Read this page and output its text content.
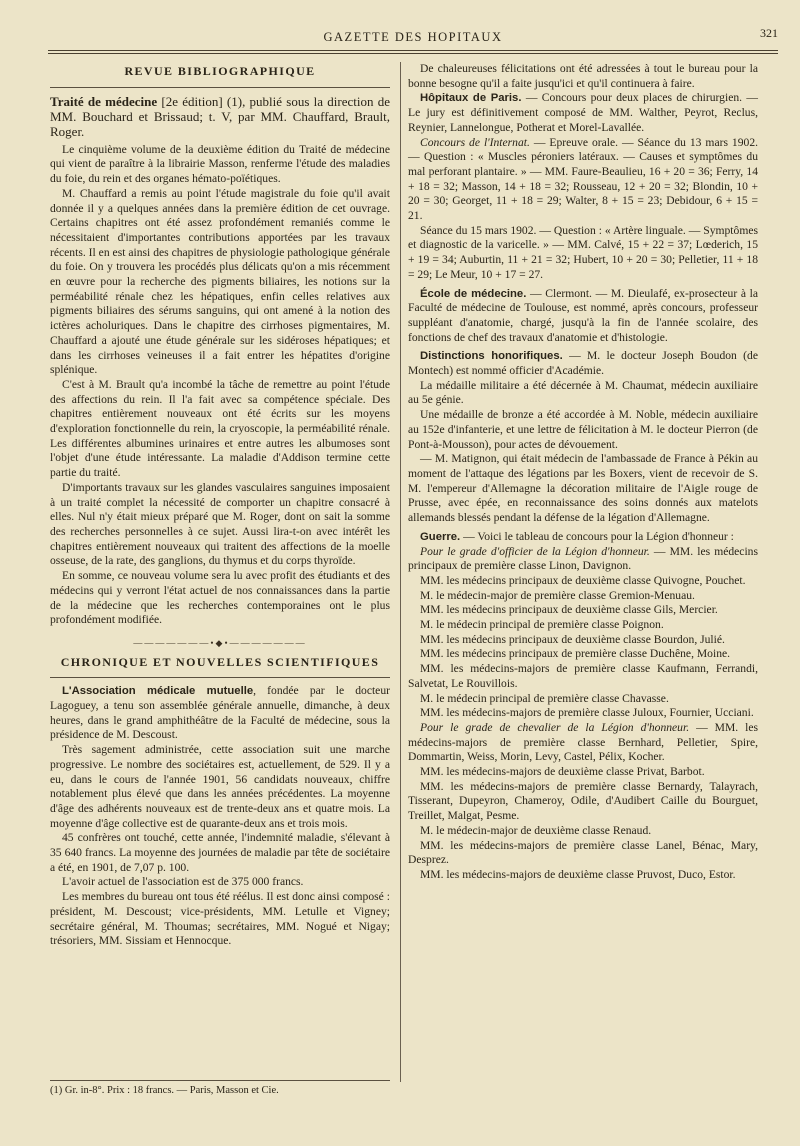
GAZETTE DES HOPITAUX	321
REVUE BIBLIOGRAPHIQUE

Traité de médecine [2e édition] (1), publié sous la direction de MM. Bouchard et Brissaud; t. V, par MM. Chauffard, Brault, Roger.

Le cinquième volume de la deuxième édition du Traité de médecine qui vient de paraître à la librairie Masson, renferme l'étude des maladies du foie, du rein et des organes hémato-poïétiques.

M. Chauffard a remis au point l'étude magistrale du foie qu'il avait donnée il y a quelques années dans la première édition de cet ouvrage. Certains chapitres ont été assez profondément remaniés comme le nécessitaient d'importantes contributions apportées par les travaux récents. Il en est ainsi des chapitres de physiologie pathologique générale du foie. On y trouvera les procédés plus délicats qu'on a mis récemment en œuvre pour la recherche des pigments biliaires, les notions sur la perméabilité rénale chez les hépatiques, enfin celles relatives aux pigments biliaires des sérums sanguins, qui ont amené à la notion des ictères acholuriques. Dans le chapitre des cirrhoses pigmentaires, M. Chauffard a ajouté une étude générale sur les sidéroses hépatiques; et dans les cirrhoses veineuses il a fait entrer les hépatites d'origine splénique.

C'est à M. Brault qu'a incombé la tâche de remettre au point l'étude des affections du rein. Il l'a fait avec sa compétence spéciale. Des chapitres entièrement nouveaux ont été écrits sur les moyens d'exploration fonctionnelle du rein, la cryoscopie, la perméabilité rénale. Les différentes albumines urinaires et entre autres les albumoses sont l'objet d'une étude intéressante. La maladie d'Addison termine cette partie du traité.

D'importants travaux sur les glandes vasculaires sanguines imposaient à un traité complet la nécessité de comporter un chapitre consacré à elles. Nul n'y était mieux préparé que M. Roger, dont on sait la somme des recherches personnelles à ce sujet. Aussi lira-t-on avec intérêt les chapitres entièrement nouveaux qui traitent des affections de la moelle osseuse, de la rate, des ganglions, du thymus et du corps thyroïde.

En somme, ce nouveau volume sera lu avec profit des étudiants et des médecins qui y verront l'état actuel de nos connaissances dans la partie de la médecine que les recherches contemporaines ont le plus profondément modifiée.

———————•◆•———————
CHRONIQUE ET NOUVELLES SCIENTIFIQUES

L'Association médicale mutuelle, fondée par le docteur Lagoguey, a tenu son assemblée générale annuelle, dimanche, à deux heures, dans le grand amphithéâtre de la Faculté de médecine, sous la présidence de M. Descoust.

Très sagement administrée, cette association suit une marche progressive. Le nombre des sociétaires est, actuellement, de 529. Il y a eu, dans le cours de l'année 1901, 56 candidats nouveaux, chiffre notablement plus élevé que dans les années précédentes. La moyenne d'âge des adhérents nouveaux est de trente-deux ans et quatre mois. La moyenne d'âge collective est de quarante-deux ans et trois mois.

45 confrères ont touché, cette année, l'indemnité maladie, s'élevant à 35 640 francs. La moyenne des journées de maladie par tête de sociétaire a été, en 1901, de 7,07 p. 100.

L'avoir actuel de l'association est de 375 000 francs.

Les membres du bureau ont tous été réélus. Il est donc ainsi composé : président, M. Descoust; vice-présidents, MM. Letulle et Vigney; secrétaire général, M. Thoumas; secrétaires, MM. Nogué et Nigay; trésoriers, MM. Sissiam et Hennocque.

(1) Gr. in-8°. Prix : 18 francs. — Paris, Masson et Cie.

De chaleureuses félicitations ont été adressées à tout le bureau pour la bonne besogne qu'il a faite jusqu'ici et qu'il continuera à faire.

Hôpitaux de Paris. — Concours pour deux places de chirurgien. — Le jury est définitivement composé de MM. Walther, Peyrot, Reclus, Reynier, Lannelongue, Potherat et Morel-Lavallée.

Concours de l'Internat. — Epreuve orale. — Séance du 13 mars 1902. — Question : « Muscles péroniers latéraux. — Causes et symptômes du mal perforant plantaire. » — MM. Faure-Beaulieu, 16 + 20 = 36; Ferry, 14 + 18 = 32; Masson, 14 + 18 = 32; Rousseau, 12 + 20 = 32; Blondin, 10 + 20 = 30; Georget, 11 + 18 = 29; Walter, 8 + 15 = 23; Debidour, 6 + 15 = 21.

Séance du 15 mars 1902. — Question : « Artère linguale. — Symptômes et diagnostic de la varicelle. » — MM. Calvé, 15 + 22 = 37; Lœderich, 15 + 19 = 34; Auburtin, 11 + 21 = 32; Hubert, 10 + 20 = 30; Pelletier, 11 + 18 = 29; Le Meur, 10 + 17 = 27.

École de médecine. — Clermont. — M. Dieulafé, ex-prosecteur à la Faculté de médecine de Toulouse, est nommé, après concours, professeur suppléant d'anatomie, chargé, jusqu'à la fin de l'année scolaire, des fonctions de chef des travaux d'anatomie et d'histologie.

Distinctions honorifiques. — M. le docteur Joseph Boudon (de Montech) est nommé officier d'Académie.

La médaille militaire a été décernée à M. Chaumat, médecin auxiliaire au 5e génie.

Une médaille de bronze a été accordée à M. Noble, médecin auxiliaire au 152e d'infanterie, et une lettre de félicitation à M. le docteur Pierron (de Pont-à-Mousson), pour actes de dévouement.

— M. Matignon, qui était médecin de l'ambassade de France à Pékin au moment de l'attaque des légations par les Boxers, vient de recevoir de S. M. l'empereur d'Allemagne la décoration militaire de l'Aigle rouge de Prusse, avec épée, en reconnaissance des soins donnés aux matelots allemands blessés pendant la défense de la légation d'Allemagne.

Guerre. — Voici le tableau de concours pour la Légion d'honneur :

Pour le grade d'officier de la Légion d'honneur. — MM. les médecins principaux de première classe Linon, Davignon.

MM. les médecins principaux de deuxième classe Quivogne, Pouchet.

M. le médecin-major de première classe Gremion-Menuau.

MM. les médecins principaux de deuxième classe Gils, Mercier.

M. le médecin principal de première classe Poignon.

MM. les médecins principaux de deuxième classe Bourdon, Julié.

MM. les médecins principaux de première classe Duchêne, Moine.

MM. les médecins-majors de première classe Kaufmann, Ferrandi, Salvetat, Le Rouvillois.

M. le médecin principal de première classe Chavasse.

MM. les médecins-majors de première classe Juloux, Fournier, Ucciani.

Pour le grade de chevalier de la Légion d'honneur. — MM. les médecins-majors de première classe Bernhard, Pelletier, Spire, Dommartin, Weiss, Morin, Levy, Castel, Pélix, Kocher.

MM. les médecins-majors de deuxième classe Privat, Barbot.

MM. les médecins-majors de première classe Bernardy, Talayrach, Tisserant, Dupeyron, Chameroy, Odile, d'Audibert Caille du Bourguet, Treillet, Malgat, Pesme.

M. le médecin-major de deuxième classe Renaud.

MM. les médecins-majors de première classe Lanel, Bénac, Mary, Desprez.

MM. les médecins-majors de deuxième classe Pruvost, Duco, Estor.
